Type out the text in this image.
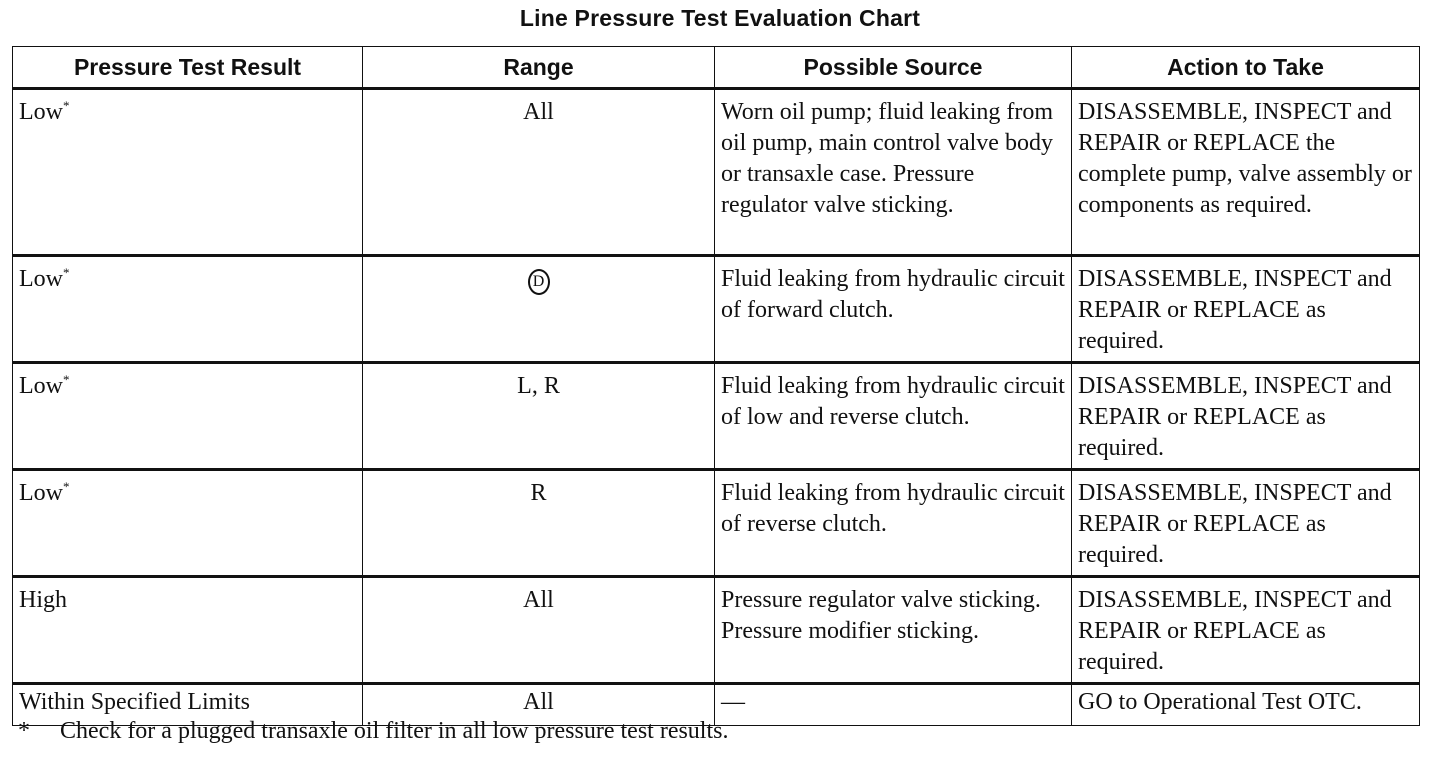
Line Pressure Test Evaluation Chart
Pressure Test Result	Range	Possible Source	Action to Take
Low*	All	Worn oil pump; fluid leaking from oil pump, main control valve body or transaxle case. Pressure regulator valve sticking.	DISASSEMBLE, INSPECT and REPAIR or REPLACE the complete pump, valve assembly or components as required.
Low*	D	Fluid leaking from hydraulic circuit of forward clutch.	DISASSEMBLE, INSPECT and REPAIR or REPLACE as required.
Low*	L, R	Fluid leaking from hydraulic circuit of low and reverse clutch.	DISASSEMBLE, INSPECT and REPAIR or REPLACE as required.
Low*	R	Fluid leaking from hydraulic circuit of reverse clutch.	DISASSEMBLE, INSPECT and REPAIR or REPLACE as required.
High	All	Pressure regulator valve sticking. Pressure modifier sticking.	DISASSEMBLE, INSPECT and REPAIR or REPLACE as required.
Within Specified Limits	All	—	GO to Operational Test OTC.
* Check for a plugged transaxle oil filter in all low pressure test results.
